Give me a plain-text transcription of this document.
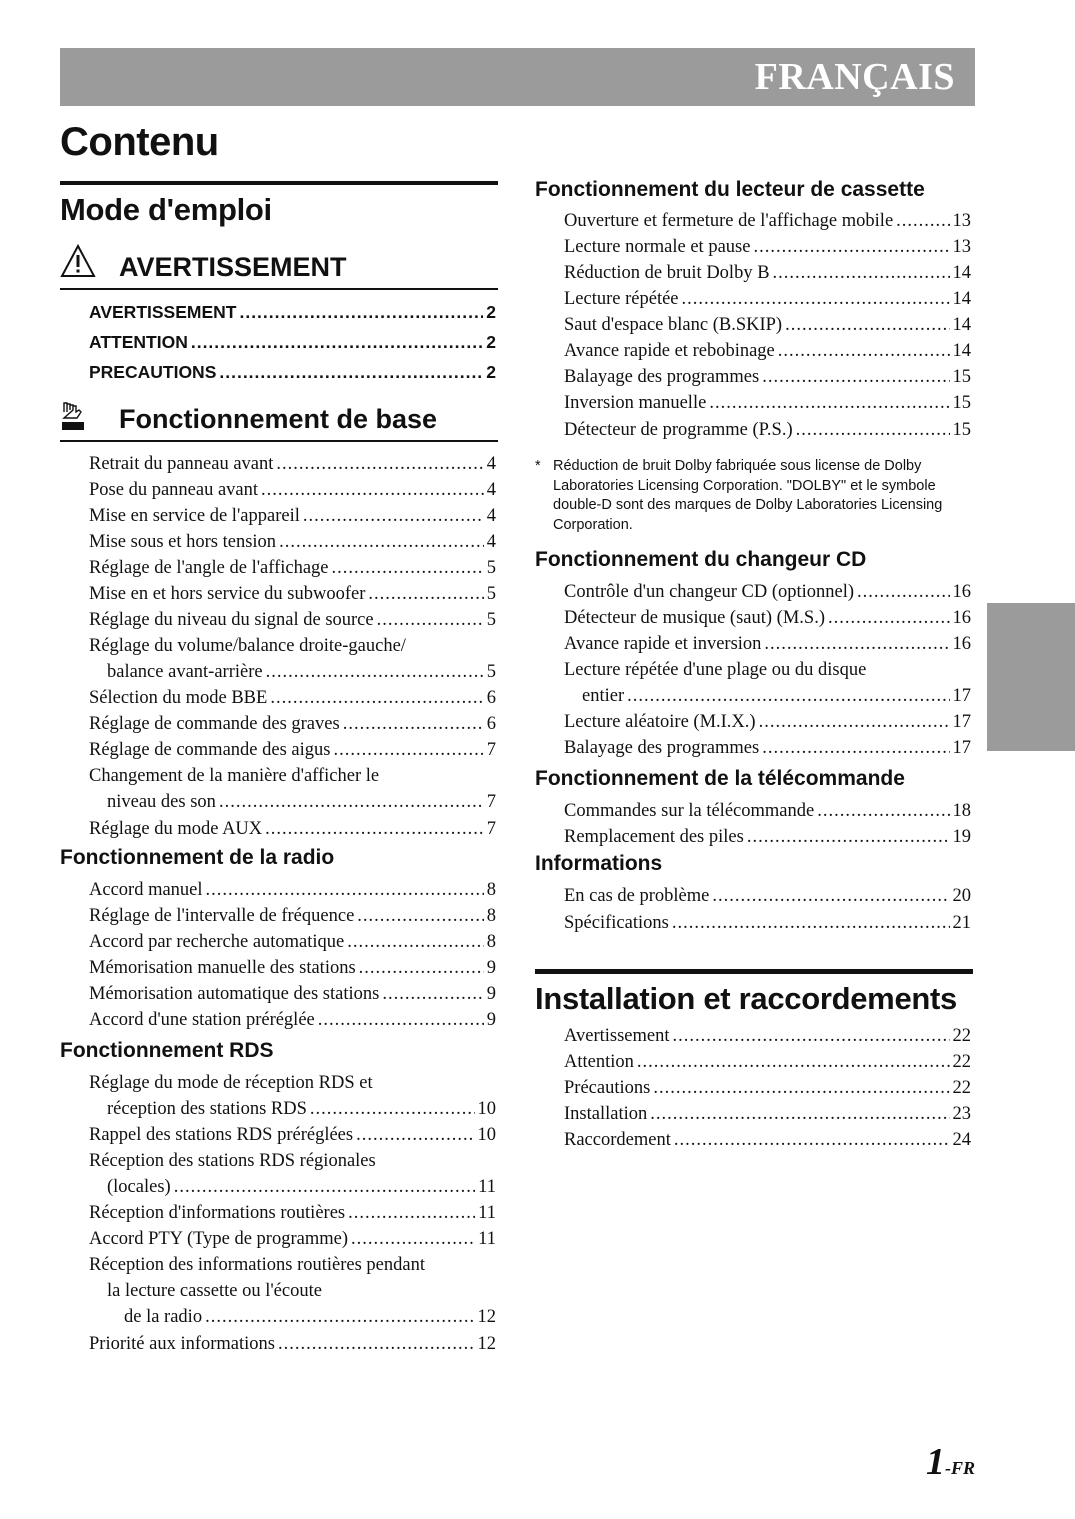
FRANÇAIS
Contenu
Mode d'emploi
AVERTISSEMENT
AVERTISSEMENT .....	2
ATTENTION .....	2
PRECAUTIONS .....	2
Fonctionnement de base
Retrait du panneau avant .....	4
Pose du panneau avant .....	4
Mise en service de l'appareil .....	4
Mise sous et hors tension .....	4
Réglage de l'angle de l'affichage .....	5
Mise en et hors service du subwoofer .....	5
Réglage du niveau du signal de source .....	5
Réglage du volume/balance droite-gauche/
balance avant-arrière .....	5
Sélection du mode BBE .....	6
Réglage de commande des graves .....	6
Réglage de commande des aigus .....	7
Changement de la manière d'afficher le
niveau des son .....	7
Réglage du mode AUX .....	7
Fonctionnement de la radio
Accord manuel .....	8
Réglage de l'intervalle de fréquence .....	8
Accord par recherche automatique .....	8
Mémorisation manuelle des stations .....	9
Mémorisation automatique des stations .....	9
Accord d'une station préréglée .....	9
Fonctionnement RDS
Réglage du mode de réception RDS et
réception des stations RDS .....	10
Rappel des stations RDS préréglées .....	10
Réception des stations RDS régionales
(locales) .....	11
Réception d'informations routières .....	11
Accord PTY (Type de programme) .....	11
Réception des informations routières pendant
la lecture cassette ou l'écoute
de la radio .....	12
Priorité aux informations .....	12
Fonctionnement du lecteur de cassette
Ouverture et fermeture de l'affichage mobile .....	13
Lecture normale et pause .....	13
Réduction de bruit Dolby B .....	14
Lecture répétée .....	14
Saut d'espace blanc (B.SKIP) .....	14
Avance rapide et rebobinage .....	14
Balayage des programmes .....	15
Inversion manuelle .....	15
Détecteur de programme (P.S.) .....	15
* Réduction de bruit Dolby fabriquée sous license de Dolby Laboratories Licensing Corporation. "DOLBY" et le symbole double-D sont des marques de Dolby Laboratories Licensing Corporation.
Fonctionnement du changeur CD
Contrôle d'un changeur CD (optionnel) .....	16
Détecteur de musique (saut) (M.S.) .....	16
Avance rapide et inversion .....	16
Lecture répétée d'une plage ou du disque
entier .....	17
Lecture aléatoire (M.I.X.) .....	17
Balayage des programmes .....	17
Fonctionnement de la télécommande
Commandes sur la télécommande .....	18
Remplacement des piles .....	19
Informations
En cas de problème .....	20
Spécifications .....	21
Installation et raccordements
Avertissement .....	22
Attention .....	22
Précautions .....	22
Installation .....	23
Raccordement .....	24
1-FR
